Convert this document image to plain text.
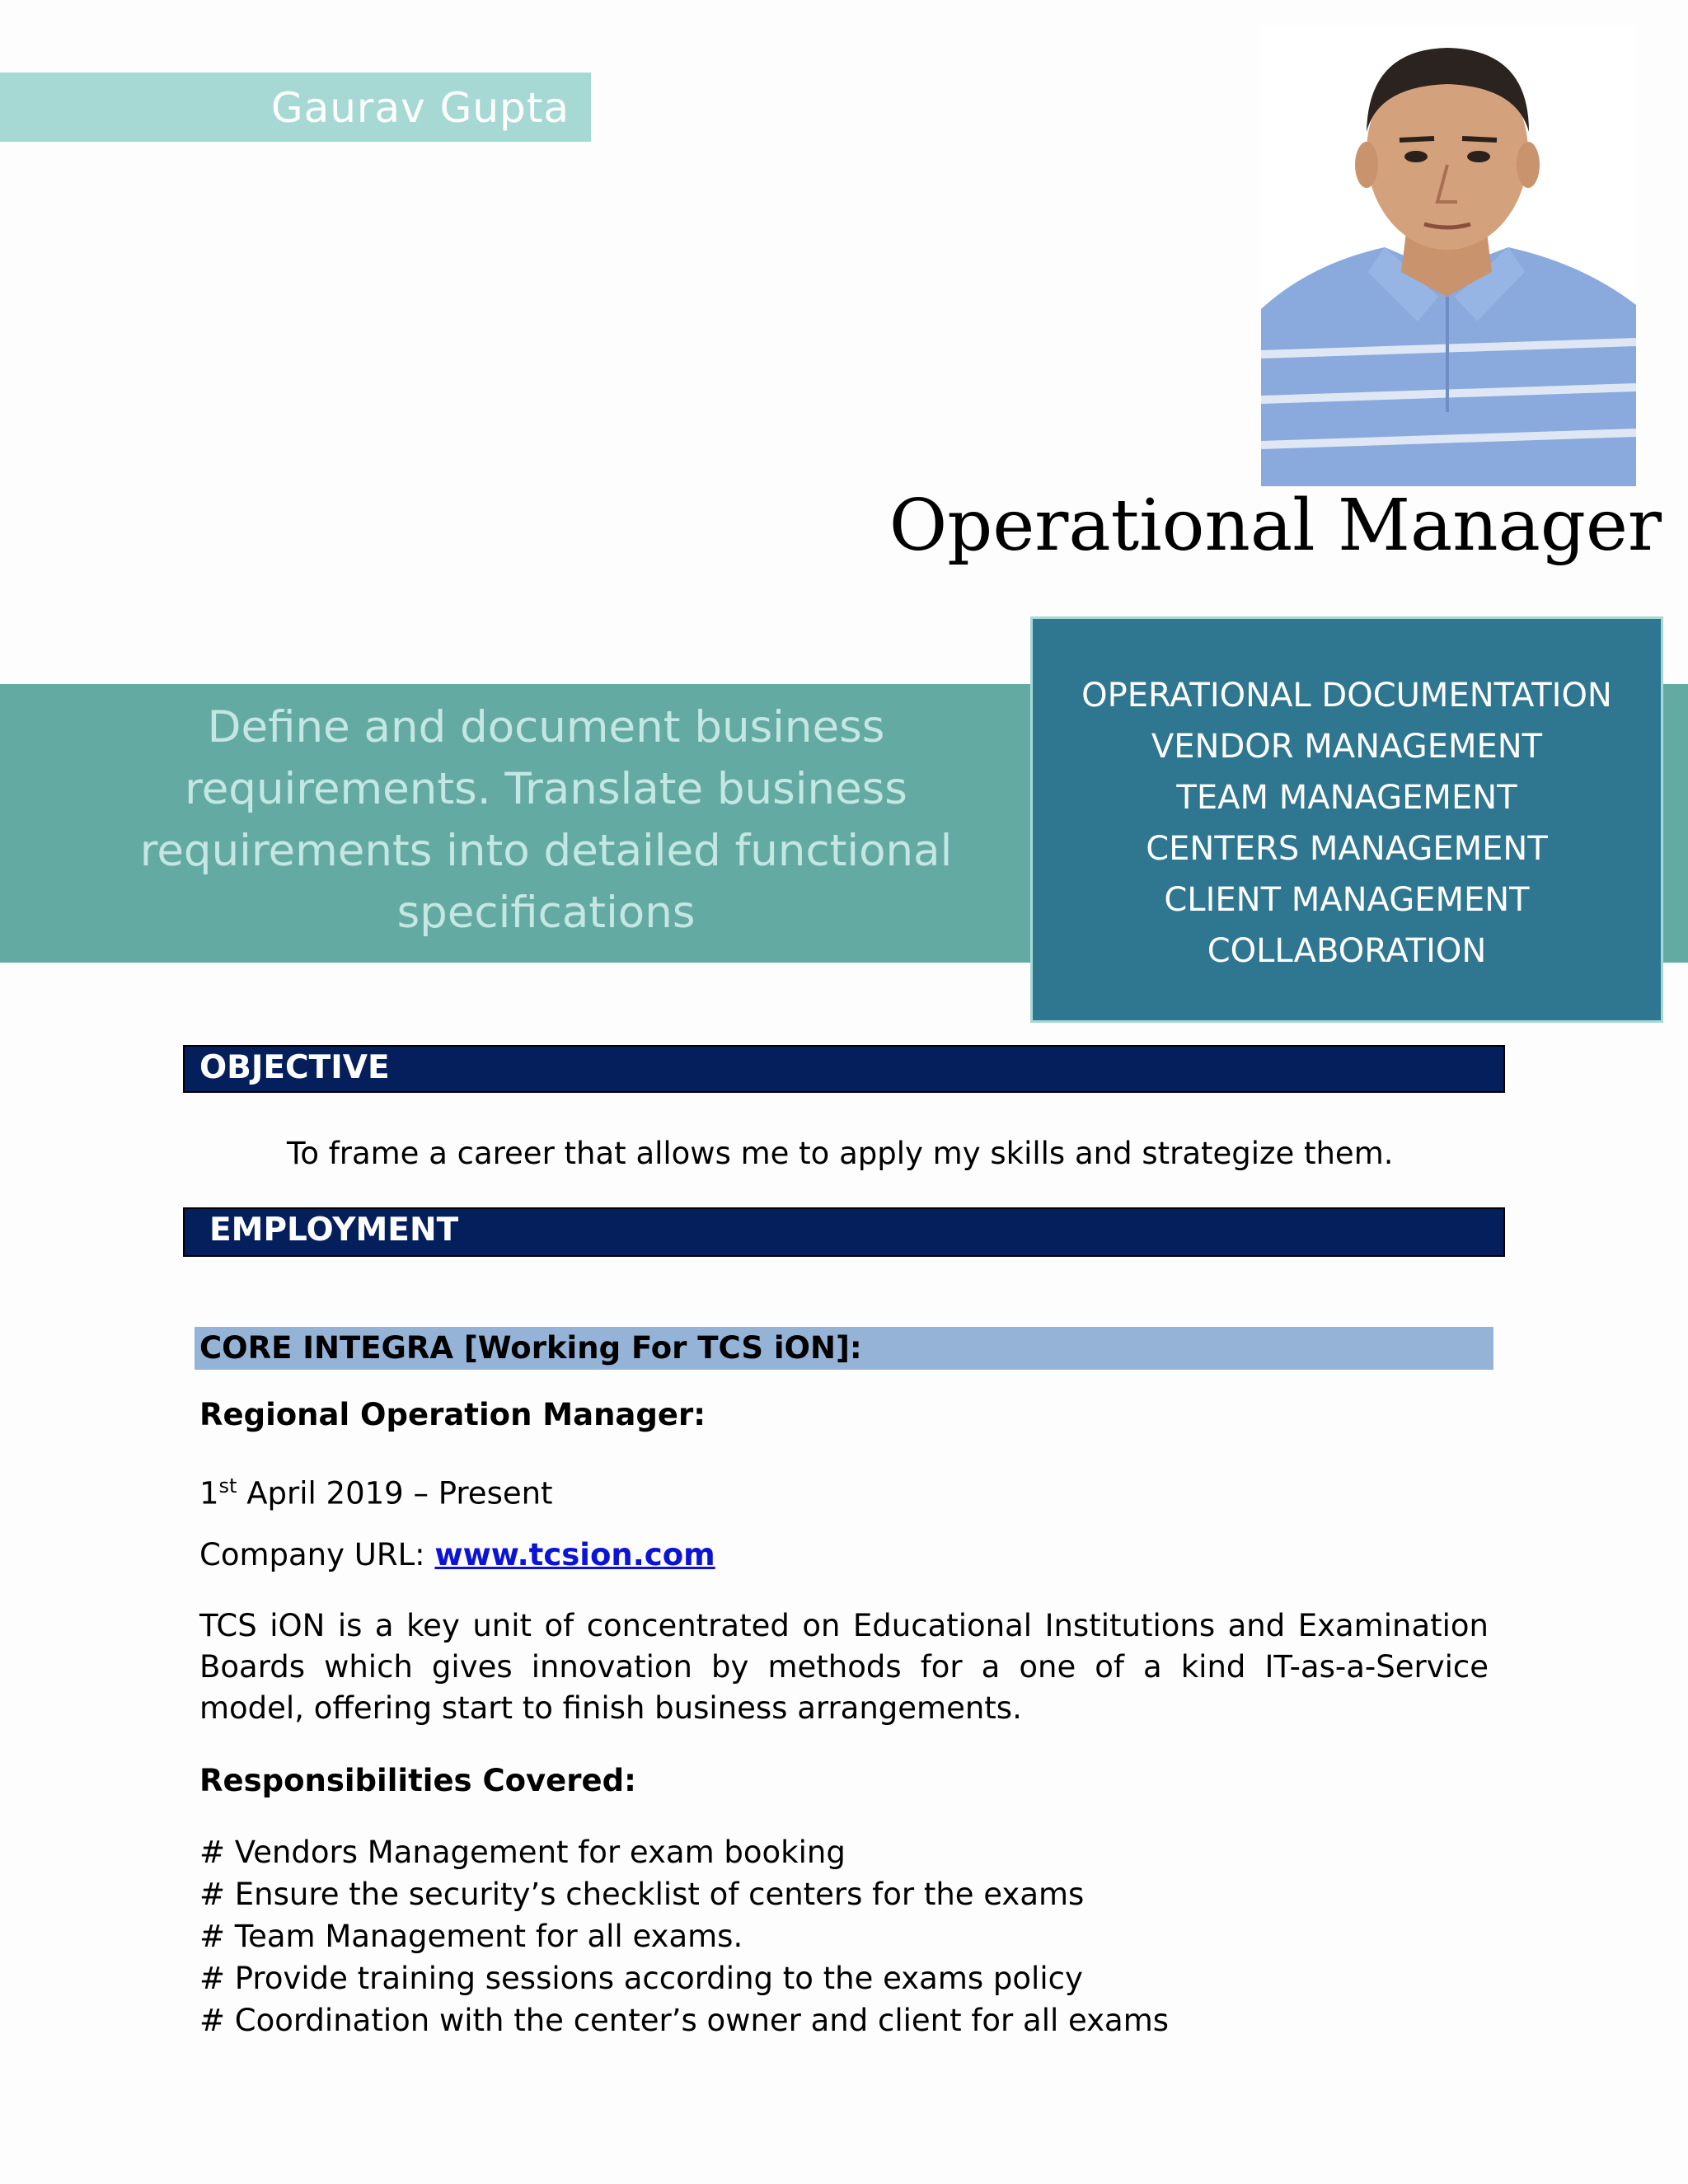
Gaurav Gupta
Operational Manager
Define and document business requirements. Translate business requirements into detailed functional specifications
OPERATIONAL DOCUMENTATION
VENDOR MANAGEMENT
TEAM MANAGEMENT
CENTERS MANAGEMENT
CLIENT MANAGEMENT
COLLABORATION
OBJECTIVE
To frame a career that allows me to apply my skills and strategize them.
EMPLOYMENT
CORE INTEGRA [Working For TCS iON]:
Regional Operation Manager:
1st April 2019 – Present
Company URL: www.tcsion.com
TCS iON is a key unit of concentrated on Educational Institutions and Examination Boards which gives innovation by methods for a one of a kind IT-as-a-Service model, offering start to finish business arrangements.
Responsibilities Covered:
# Vendors Management for exam booking
# Ensure the security’s checklist of centers for the exams
# Team Management for all exams.
# Provide training sessions according to the exams policy
# Coordination with the center’s owner and client for all exams
